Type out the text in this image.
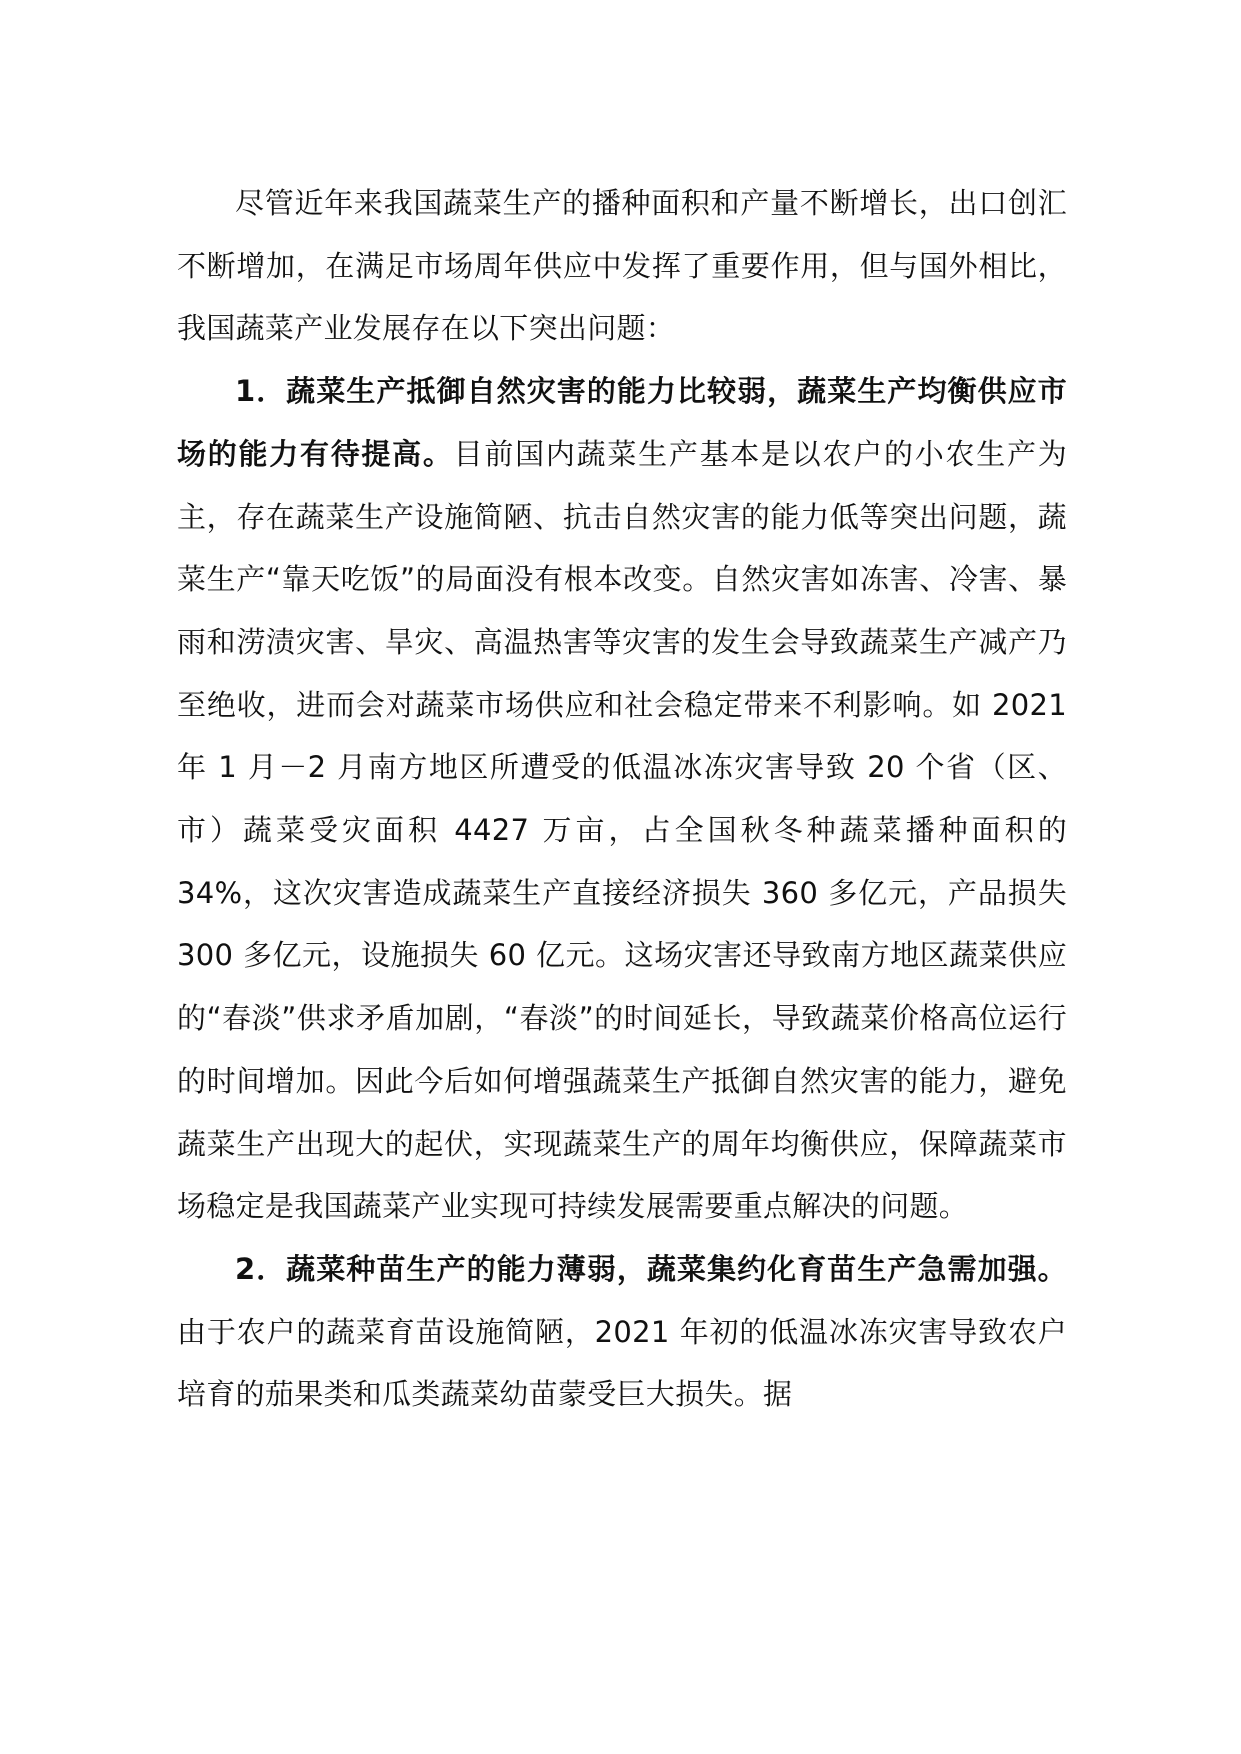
尽管近年来我国蔬菜生产的播种面积和产量不断增长，出口创汇不断增加，在满足市场周年供应中发挥了重要作用，但与国外相比，我国蔬菜产业发展存在以下突出问题：

1．蔬菜生产抵御自然灾害的能力比较弱，蔬菜生产均衡供应市场的能力有待提高。目前国内蔬菜生产基本是以农户的小农生产为主，存在蔬菜生产设施简陋、抗击自然灾害的能力低等突出问题，蔬菜生产“靠天吃饭”的局面没有根本改变。自然灾害如冻害、冷害、暴雨和涝渍灾害、旱灾、高温热害等灾害的发生会导致蔬菜生产减产乃至绝收，进而会对蔬菜市场供应和社会稳定带来不利影响。如 2021 年 1 月－2 月南方地区所遭受的低温冰冻灾害导致 20 个省（区、市）蔬菜受灾面积 4427 万亩，占全国秋冬种蔬菜播种面积的 34%，这次灾害造成蔬菜生产直接经济损失 360 多亿元，产品损失 300 多亿元，设施损失 60 亿元。这场灾害还导致南方地区蔬菜供应的“春淡”供求矛盾加剧，“春淡”的时间延长，导致蔬菜价格高位运行的时间增加。因此今后如何增强蔬菜生产抵御自然灾害的能力，避免蔬菜生产出现大的起伏，实现蔬菜生产的周年均衡供应，保障蔬菜市场稳定是我国蔬菜产业实现可持续发展需要重点解决的问题。

2．蔬菜种苗生产的能力薄弱，蔬菜集约化育苗生产急需加强。由于农户的蔬菜育苗设施简陋，2021 年初的低温冰冻灾害导致农户培育的茄果类和瓜类蔬菜幼苗蒙受巨大损失。据
